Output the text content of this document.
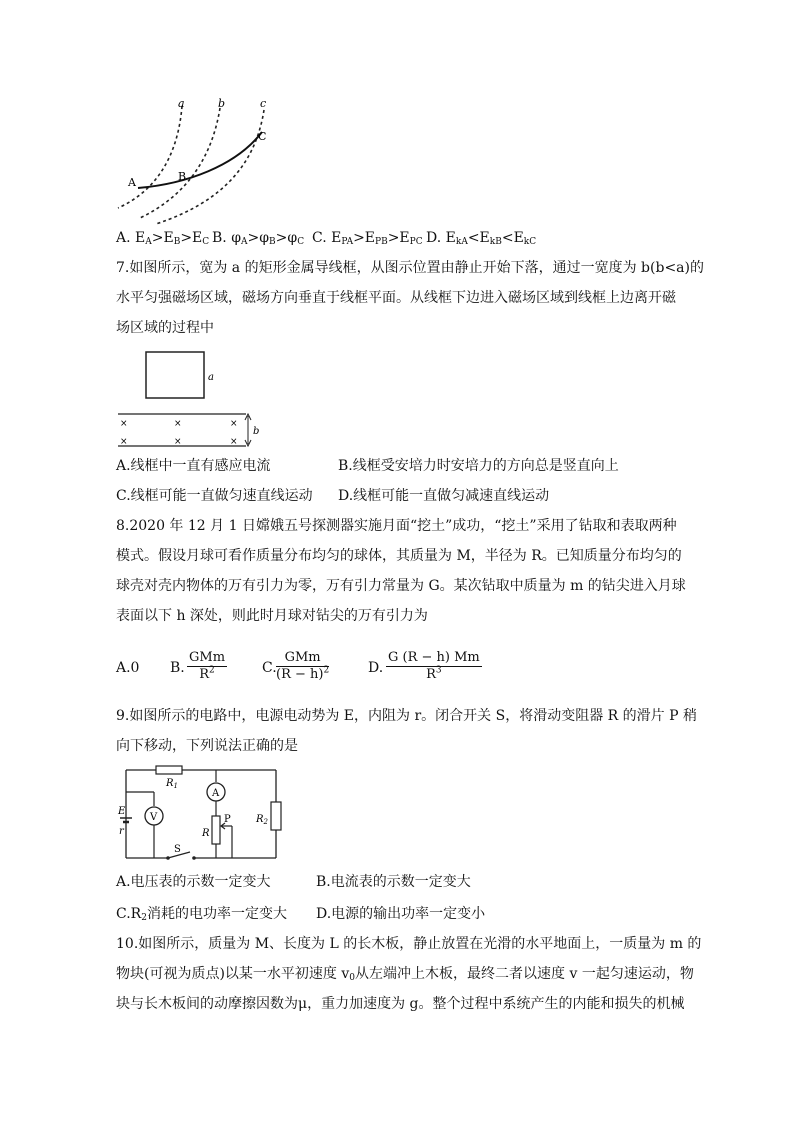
a	b	c
A	B
C
A. $E_A>E_B>E_C$ B. $\varphi_A>\varphi_B>\varphi_C$ C. $E_{PA}>E_{PB}>E_{PC}$ D. $E_{kA}<E_{kB}<E_{kC}$
7.如图所示，宽为 a 的矩形金属导线框，从图示位置由静止开始下落，通过一宽度为 b(b<a)的
水平匀强磁场区域，磁场方向垂直于线框平面。从线框下边进入磁场区域到线框上边离开磁
场区域的过程中
a
×	×	×
×	×	×
b
A.线框中一直有感应电流	B.线框受安培力时安培力的方向总是竖直向上
C.线框可能一直做匀速直线运动 D.线框可能一直做匀减速直线运动
8.2020 年 12 月 1 日嫦娥五号探测器实施月面“挖土”成功，“挖土”采用了钻取和表取两种
模式。假设月球可看作质量分布均匀的球体，其质量为 M，半径为 R。已知质量分布均匀的
球壳对壳内物体的万有引力为零，万有引力常量为 G。某次钻取中质量为 m 的钻尖进入月球
表面以下 h 深处，则此时月球对钻尖的万有引力为
A.0 B.
GMm
$R^2$	C.
GMm
$(R - h)^2$	D. $\frac{G (R - h) Mm}{R^3}$
9.如图所示的电路中，电源电动势为 E，内阻为 r。闭合开关 S，将滑动变阻器 R 的滑片 P 稍
向下移动，下列说法正确的是
E
r
$R_1$
V
A
R
P	$R_2$
S
A.电压表的示数一定变大	B.电流表的示数一定变大
$C.R_2$消耗的电功率一定变大 D.电源的输出功率一定变小
10.如图所示，质量为 M、长度为 L 的长木板，静止放置在光滑的水平地面上，一质量为 m 的
物块(可视为质点)以某一水平初速度 $v_0$从左端冲上木板，最终二者以速度 v 一起匀速运动，物
块与长木板间的动摩擦因数为μ，重力加速度为 g。整个过程中系统产生的内能和损失的机械
